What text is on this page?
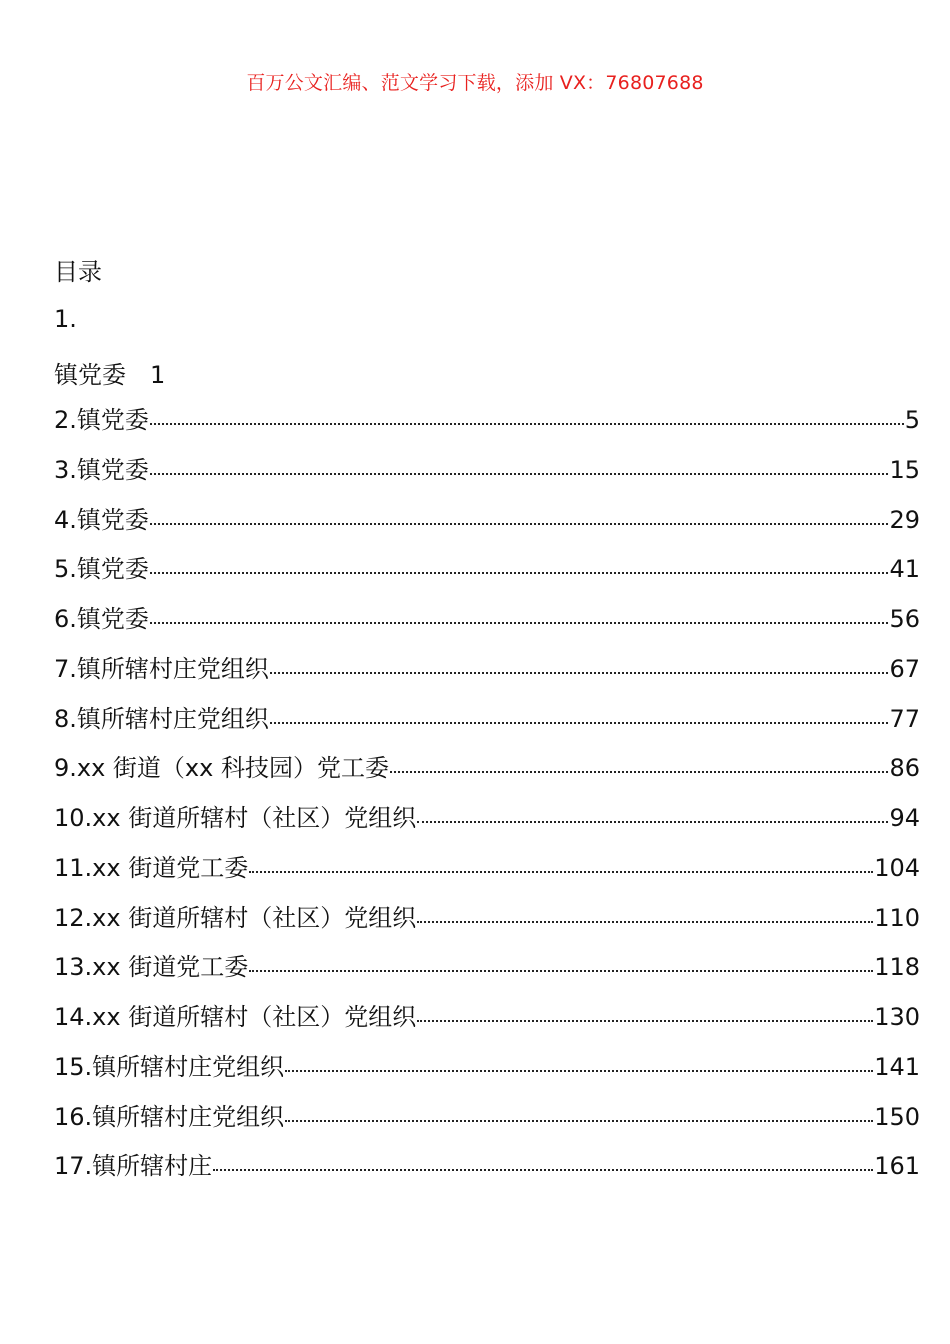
百万公文汇编、范文学习下载，添加 VX：76807688
目录
1.
镇党委　1
2.镇党委	5
3.镇党委	15
4.镇党委	29
5.镇党委	41
6.镇党委	56
7.镇所辖村庄党组织	67
8.镇所辖村庄党组织	77
9.xx 街道（xx 科技园）党工委	86
10.xx 街道所辖村（社区）党组织	94
11.xx 街道党工委	104
12.xx 街道所辖村（社区）党组织	110
13.xx 街道党工委	118
14.xx 街道所辖村（社区）党组织	130
15.镇所辖村庄党组织	141
16.镇所辖村庄党组织	150
17.镇所辖村庄	161
